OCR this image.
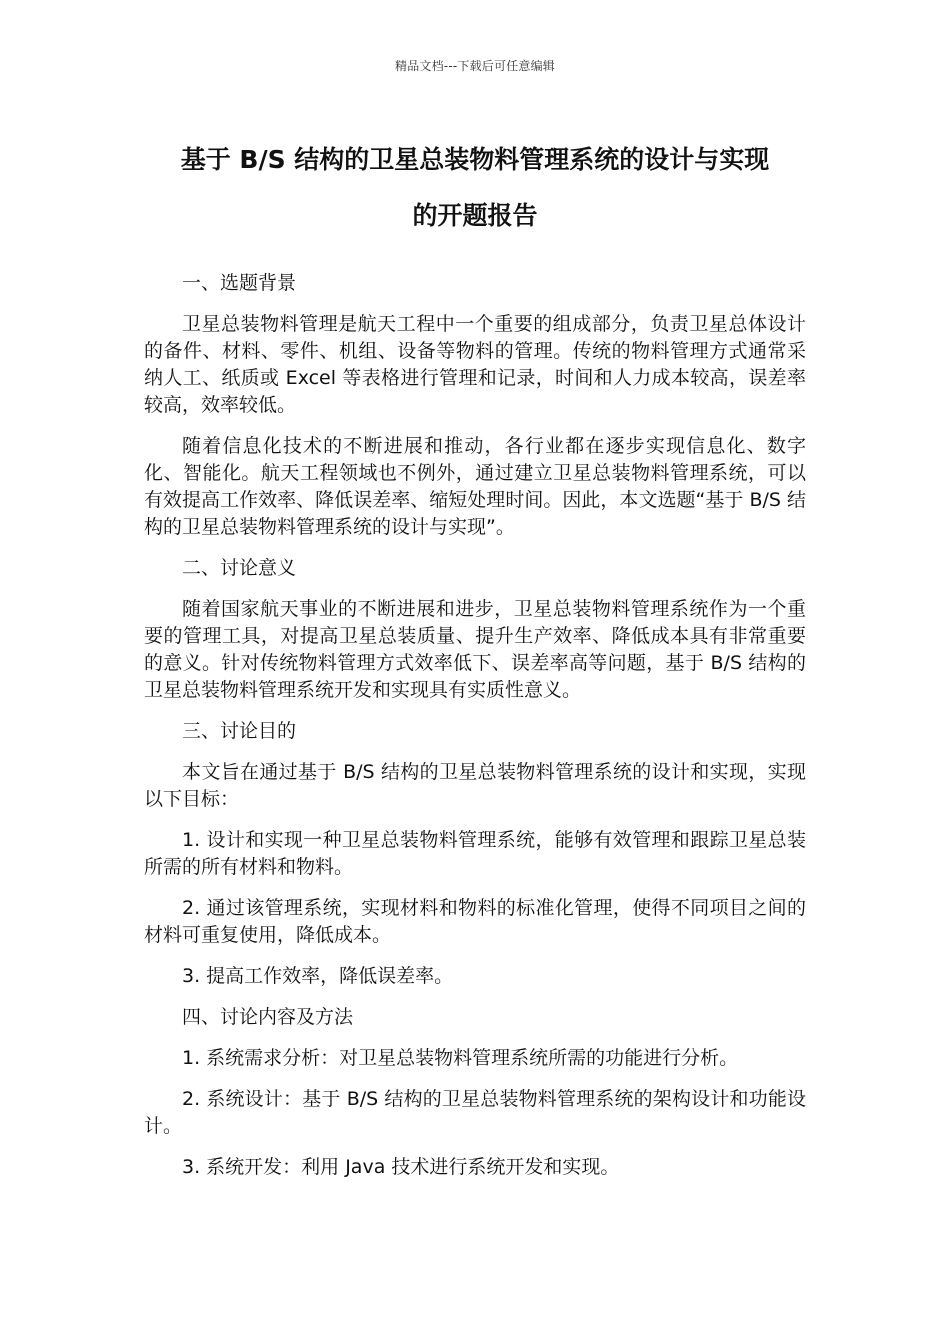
精品文档---下载后可任意编辑
基于 B/S 结构的卫星总装物料管理系统的设计与实现
的开题报告

一、选题背景

卫星总装物料管理是航天工程中一个重要的组成部分，负责卫星总体设计的备件、材料、零件、机组、设备等物料的管理。传统的物料管理方式通常采纳人工、纸质或 Excel 等表格进行管理和记录，时间和人力成本较高，误差率较高，效率较低。

随着信息化技术的不断进展和推动，各行业都在逐步实现信息化、数字化、智能化。航天工程领域也不例外，通过建立卫星总装物料管理系统，可以有效提高工作效率、降低误差率、缩短处理时间。因此，本文选题“基于 B/S 结构的卫星总装物料管理系统的设计与实现”。

二、讨论意义

随着国家航天事业的不断进展和进步，卫星总装物料管理系统作为一个重要的管理工具，对提高卫星总装质量、提升生产效率、降低成本具有非常重要的意义。针对传统物料管理方式效率低下、误差率高等问题，基于 B/S 结构的卫星总装物料管理系统开发和实现具有实质性意义。

三、讨论目的

本文旨在通过基于 B/S 结构的卫星总装物料管理系统的设计和实现，实现以下目标：

1. 设计和实现一种卫星总装物料管理系统，能够有效管理和跟踪卫星总装所需的所有材料和物料。

2. 通过该管理系统，实现材料和物料的标准化管理，使得不同项目之间的材料可重复使用，降低成本。

3. 提高工作效率，降低误差率。

四、讨论内容及方法

1. 系统需求分析：对卫星总装物料管理系统所需的功能进行分析。

2. 系统设计：基于 B/S 结构的卫星总装物料管理系统的架构设计和功能设计。

3. 系统开发：利用 Java 技术进行系统开发和实现。
